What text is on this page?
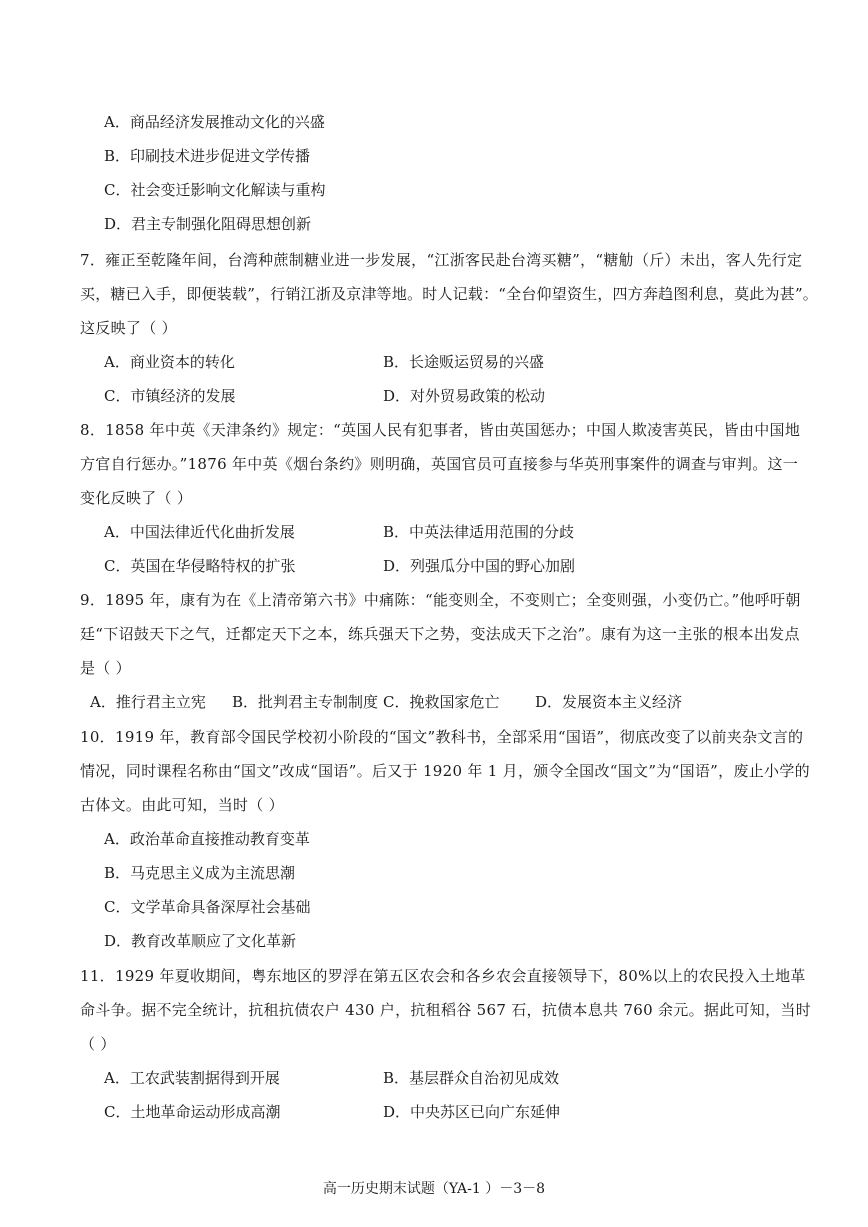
A．商品经济发展推动文化的兴盛
B．印刷技术进步促进文学传播
C．社会变迁影响文化解读与重构
D．君主专制强化阻碍思想创新
7．雍正至乾隆年间，台湾种蔗制糖业进一步发展，“江浙客民赴台湾买糖”，“糖觔（斤）未出，客人先行定
买，糖已入手，即便装载”，行销江浙及京津等地。时人记载：“全台仰望资生，四方奔趋图利息，莫此为甚”。
这反映了（ ）
A．商业资本的转化	B．长途贩运贸易的兴盛
C．市镇经济的发展	D．对外贸易政策的松动
8．1858 年中英《天津条约》规定：“英国人民有犯事者，皆由英国惩办；中国人欺凌害英民，皆由中国地
方官自行惩办。”1876 年中英《烟台条约》则明确，英国官员可直接参与华英刑事案件的调查与审判。这一
变化反映了（ ）
A．中国法律近代化曲折发展	B．中英法律适用范围的分歧
C．英国在华侵略特权的扩张	D．列强瓜分中国的野心加剧
9．1895 年，康有为在《上清帝第六书》中痛陈：“能变则全，不变则亡；全变则强，小变仍亡。”他呼吁朝
廷“下诏鼓天下之气，迁都定天下之本，练兵强天下之势，变法成天下之治”。康有为这一主张的根本出发点
是（ ）
A．推行君主立宪 B．批判君主专制制度 C．挽救国家危亡 D．发展资本主义经济
10．1919 年，教育部令国民学校初小阶段的“国文”教科书，全部采用“国语”，彻底改变了以前夹杂文言的
情况，同时课程名称由“国文”改成“国语”。后又于 1920 年 1 月，颁令全国改“国文”为“国语”，废止小学的
古体文。由此可知，当时（ ）
A．政治革命直接推动教育变革
B．马克思主义成为主流思潮
C．文学革命具备深厚社会基础
D．教育改革顺应了文化革新
11．1929 年夏收期间，粤东地区的罗浮在第五区农会和各乡农会直接领导下，80%以上的农民投入土地革
命斗争。据不完全统计，抗租抗债农户 430 户，抗租稻谷 567 石，抗债本息共 760 余元。据此可知，当时
（ ）
A．工农武装割据得到开展	B．基层群众自治初见成效
C．土地革命运动形成高潮	D．中央苏区已向广东延伸
高一历史期末试题（YA-1 ）－3－8
